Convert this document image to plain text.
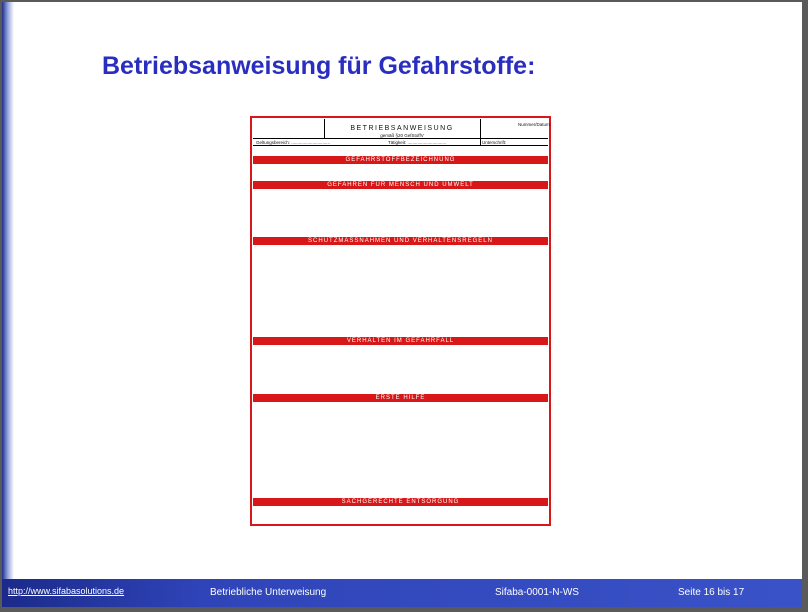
Betriebsanweisung für Gefahrstoffe:
BETRIEBSANWEISUNG
gemäß §20 GefStoffV
Nummer/Datum:
Unterschrift:
Geltungsbereich: ...............................	Tätigkeit: ...............................
GEFAHRSTOFFBEZEICHNUNG
GEFAHREN FÜR MENSCH UND UMWELT
SCHUTZMASSNAHMEN UND VERHALTENSREGELN
VERHALTEN IM GEFAHRFALL
ERSTE HILFE
SACHGERECHTE ENTSORGUNG
http://www.sifabasolutions.de	Betriebliche Unterweisung	Sifaba-0001-N-WS	Seite 16 bis 17
